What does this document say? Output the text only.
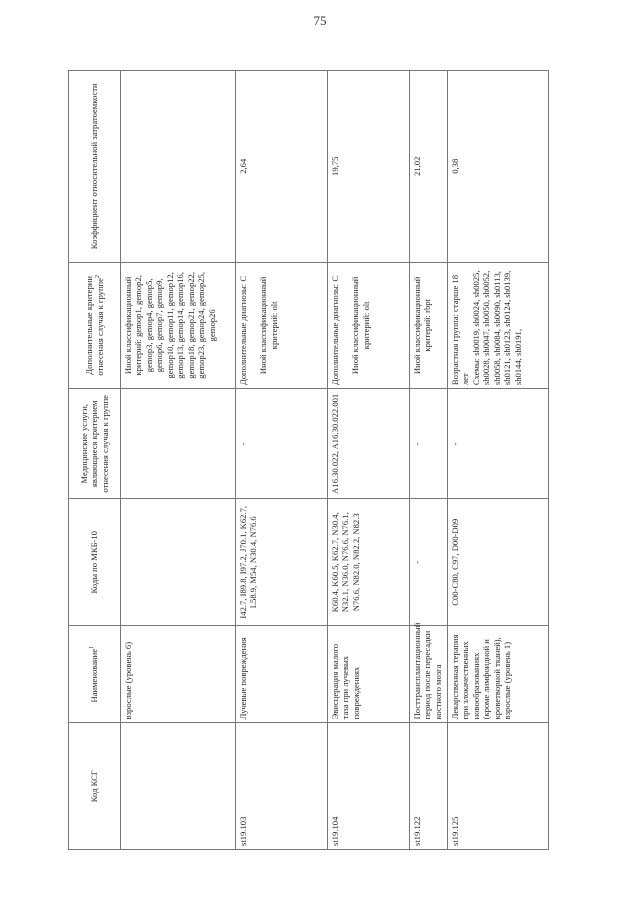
75
Код КСГ	Наименование$^1$	Коды по МКБ-10	Медицинские услуги, являющиеся критерием отнесения случая к группе	Дополнительные критерии отнесения случая к группе$^2$	Коэффициент относительной затратоемкости
	взрослые (уровень 6)			Иной классификационный критерий: gemop1, gemop2, gemop3, gemop4, gemop5, gemop6, gemop7, gemop9, gemop10, gemop11, gemop12, gemop13, gemop14, gemop16, gemop18, gemop21, gemop22, gemop23, gemop24, gemop25, gemop26	

st19.103	Лучевые повреждения	I42.7, I89.8, I97.2, J70.1, K62.7, L58.9, M54, N30.4, N76.6	-	Дополнительные диагнозы: С Иной классификационный критерий: olt	2,64
st19.104	Эвисцерация малого таза при лучевых повреждениях	K60.4, K60.5, K62.7, N30.4, N32.1, N36.0, N76.6, N76.1, N76.6, N82.0, N82.2, N82.3	A16.30.022, A16.30.022.001	Дополнительные диагнозы: С Иной классификационный критерий: olt	19,75
st19.122	Посттрансплантационный период после пересадки костного мозга	-	-	Иной классификационный критерий: rbpt	21,02
st19.125	Лекарственная терапия при злокачественных новообразованиях (кроме лимфоидной и кроветворной тканей), взрослые (уровень 1)	C00-C80, C97, D00-D09	-	Возрастная группа: старше 18 лет Схемы: sh0019, sh0024, sh0025, sh0028, sh0047, sh0050, sh0052, sh0058, sh0084, sh0090, sh0113, sh0121, sh0123, sh0124, sh0139, sh0144, sh0191,	0,38
